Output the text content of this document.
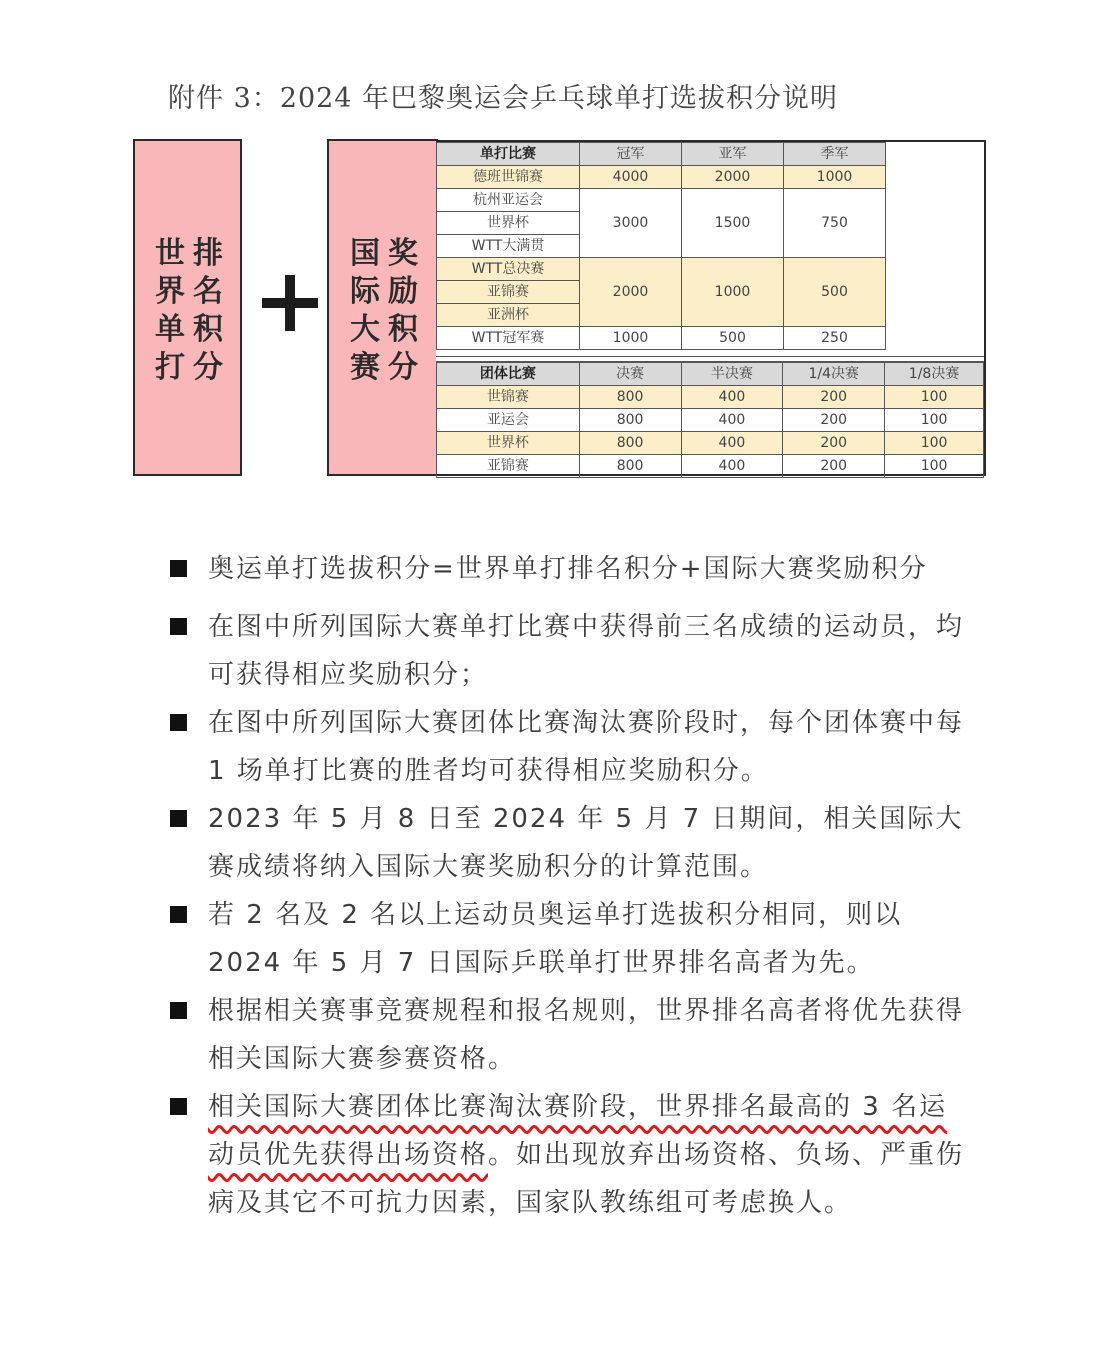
附件 3：2024 年巴黎奥运会乒乓球单打选拔积分说明
世
界
单
打
排
名
积
分
国
际
大
赛
奖
励
积
分
单打比赛	冠军	亚军	季军
德班世锦赛	4000	2000	1000
杭州亚运会	3000	1500	750
世界杯			
WTT大满贯			
WTT总决赛	2000	1000	500
亚锦赛			
亚洲杯			
WTT冠军赛	1000	500	250
团体比赛	决赛	半决赛	1/4决赛	1/8决赛
世锦赛	800	400	200	100
亚运会	800	400	200	100
世界杯	800	400	200	100
亚锦赛	800	400	200	100
奥运单打选拔积分=世界单打排名积分+国际大赛奖励积分
在图中所列国际大赛单打比赛中获得前三名成绩的运动员，均可获得相应奖励积分；
在图中所列国际大赛团体比赛淘汰赛阶段时，每个团体赛中每 1 场单打比赛的胜者均可获得相应奖励积分。
2023 年 5 月 8 日至 2024 年 5 月 7 日期间，相关国际大赛成绩将纳入国际大赛奖励积分的计算范围。
若 2 名及 2 名以上运动员奥运单打选拔积分相同，则以 2024 年 5 月 7 日国际乒联单打世界排名高者为先。
根据相关赛事竞赛规程和报名规则，世界排名高者将优先获得相关国际大赛参赛资格。
相关国际大赛团体比赛淘汰赛阶段，世界排名最高的 3 名运动员优先获得出场资格。如出现放弃出场资格、负场、严重伤病及其它不可抗力因素，国家队教练组可考虑换人。
